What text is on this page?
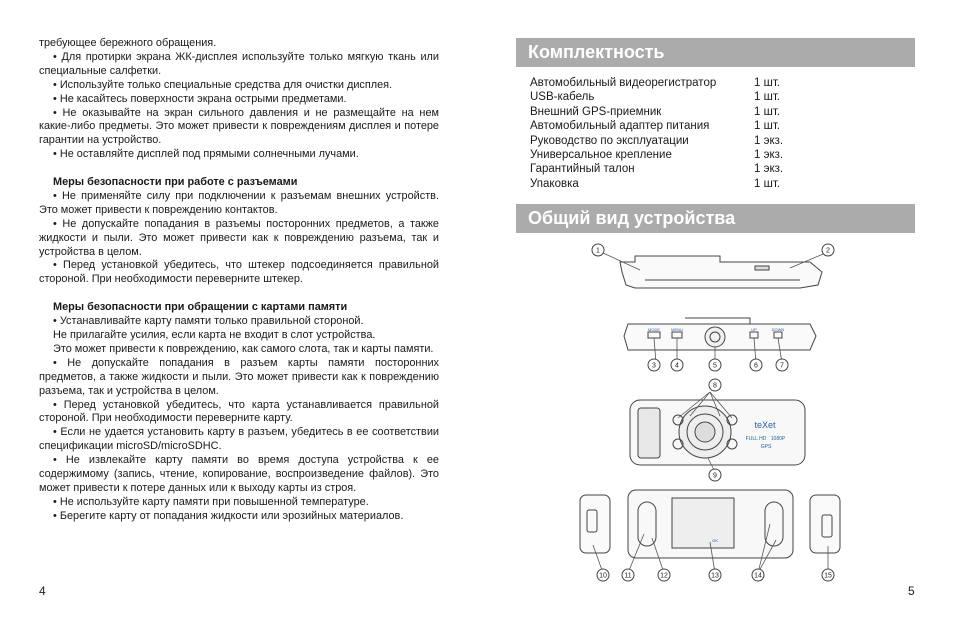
требующее бережного обращения.

• Для протирки экрана ЖК-дисплея используйте только мягкую ткань или специальные салфетки.

• Используйте только специальные средства для очистки дисплея.

• Не касайтесь поверхности экрана острыми предметами.

• Не оказывайте на экран сильного давления и не размещайте на нем какие-либо предметы. Это может привести к повреждениям дисплея и потере гарантии на устройство.

• Не оставляйте дисплей под прямыми солнечными лучами.

Меры безопасности при работе с разъемами

• Не применяйте силу при подключении к разъемам внешних устройств. Это может привести к повреждению контактов.

• Не допускайте попадания в разъемы посторонних предметов, а также жидкости и пыли. Это может привести как к повреждению разъема, так и устройства в целом.

• Перед установкой убедитесь, что штекер подсоединяется правильной стороной. При необходимости переверните штекер.

Меры безопасности при обращении с картами памяти

• Устанавливайте карту памяти только правильной стороной.

Не прилагайте усилия, если карта не входит в слот устройства.

Это может привести к повреждению, как самого слота, так и карты памяти.

• Не допускайте попадания в разъем карты памяти посторонних предметов, а также жидкости и пыли. Это может привести как к повреждению разъема, так и устройства в целом.

• Перед установкой убедитесь, что карта устанавливается правильной стороной. При необходимости переверните карту.

• Если не удается установить карту в разъем, убедитесь в ее соответствии спецификации microSD/microSDHC.

• Не извлекайте карту памяти во время доступа устройства к ее содержимому (запись, чтение, копирование, воспроизведение файлов). Это может привести к потере данных или к выходу карты из строя.

• Не используйте карту памяти при повышенной температуре.

• Берегите карту от попадания жидкости или эрозийных материалов.

4
Комплектность
Автомобильный видеорегистратор	1 шт.
USB-кабель	1 шт.
Внешний GPS-приемник	1 шт.
Автомобильный адаптер питания	1 шт.
Руководство по эксплуатации	1 экз.
Универсальное крепление	1 экз.
Гарантийный талон	1 экз.
Упаковка	1 шт.
Общий вид устройства
1	2
3	4	5	6	7
8
9
10 11	12	13	14	15
teXet
FULL HD 1080P
GPS
MODE	MENU
OK
UP	DOWN
5
